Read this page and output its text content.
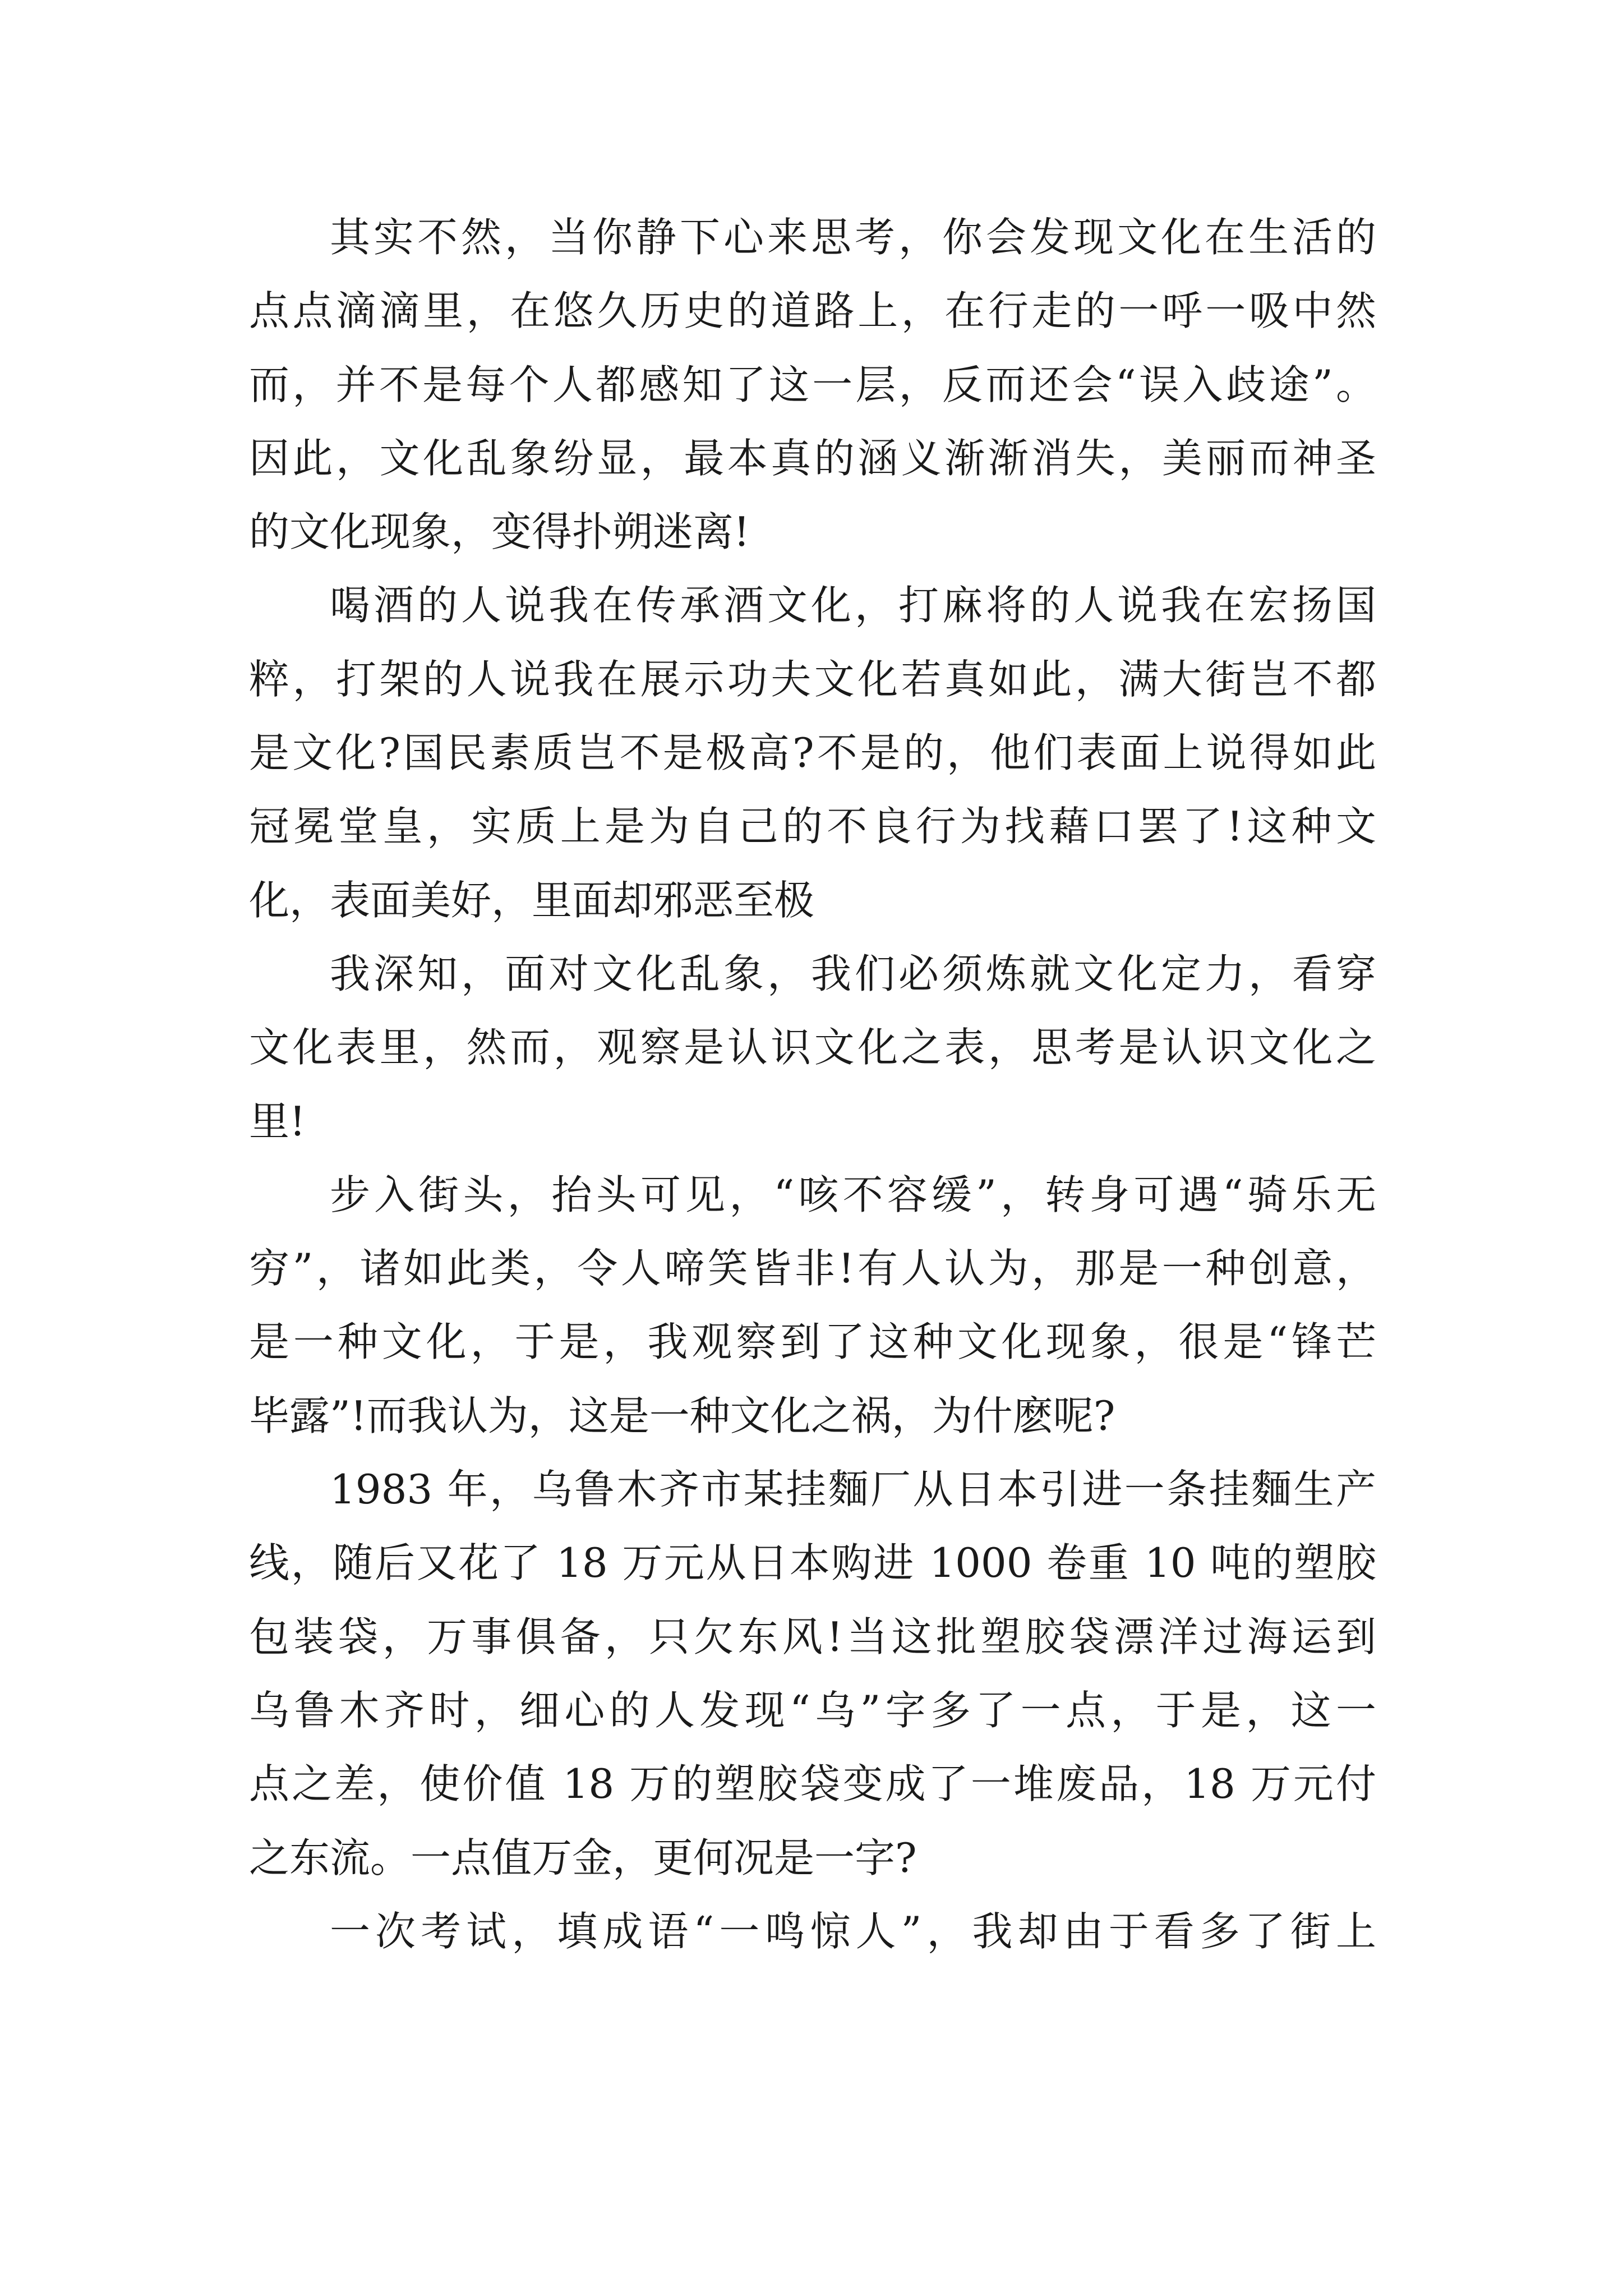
其实不然，当你静下心来思考，你会发现文化在生活的
点点滴滴里，在悠久历史的道路上，在行走的一呼一吸中然
而，并不是每个人都感知了这一层，反而还会“误入歧途”。
因此，文化乱象纷显，最本真的涵义渐渐消失，美丽而神圣
的文化现象，变得扑朔迷离!

喝酒的人说我在传承酒文化，打麻将的人说我在宏扬国
粹，打架的人说我在展示功夫文化若真如此，满大街岂不都
是文化?国民素质岂不是极高?不是的，他们表面上说得如此
冠冕堂皇，实质上是为自己的不良行为找藉口罢了!这种文
化，表面美好，里面却邪恶至极

我深知，面对文化乱象，我们必须炼就文化定力，看穿
文化表里，然而，观察是认识文化之表，思考是认识文化之
里!

步入街头，抬头可见，“咳不容缓”，转身可遇“骑乐无
穷”，诸如此类，令人啼笑皆非!有人认为，那是一种创意，
是一种文化，于是，我观察到了这种文化现象，很是“锋芒
毕露”!而我认为，这是一种文化之祸，为什麽呢?

1983 年，乌鲁木齐市某挂麵厂从日本引进一条挂麵生产
线，随后又花了 18 万元从日本购进 1000 卷重 10 吨的塑胶
包装袋，万事俱备，只欠东风!当这批塑胶袋漂洋过海运到
乌鲁木齐时，细心的人发现“乌”字多了一点，于是，这一
点之差，使价值 18 万的塑胶袋变成了一堆废品，18 万元付
之东流。一点值万金，更何况是一字?

一次考试，填成语“一鸣惊人”，我却由于看多了街上
